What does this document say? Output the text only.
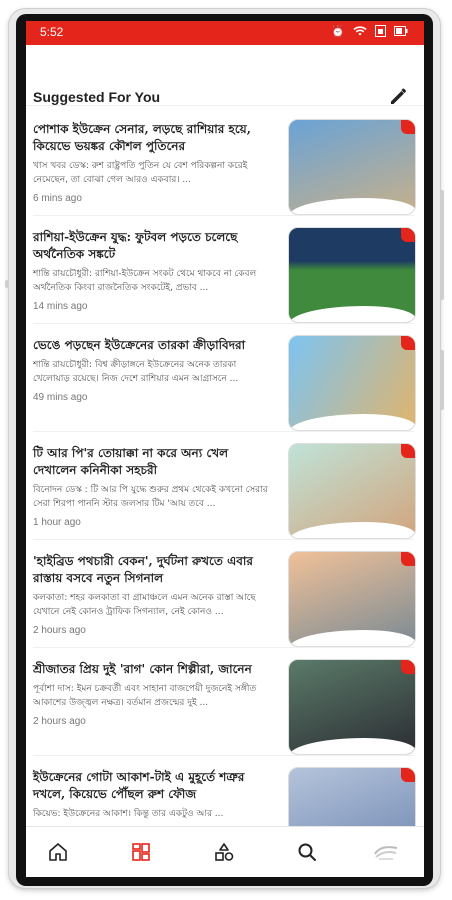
5:52	⏰
Suggested For You
পোশাক ইউক্রেন সেনার, লড়ছে রাশিয়ার হয়ে, কিয়েভে ভয়ঙ্কর কৌশল পুতিনের
খাস খবর ডেস্ক: রুশ রাষ্ট্রপতি পুতিন যে বেশ পরিকল্পনা করেই নেমেছেন, তা বোঝা গেল আরও একবার। ...
6 mins ago
রাশিয়া-ইউক্রেন যুদ্ধ: ফুটবল পড়তে চলেছে অর্থনৈতিক সঙ্কটে
শান্তি রায়চৌধুরী: রাশিয়া-ইউক্রেন সংকট থেমে থাকবে না কেবল অর্থনৈতিক কিংবা রাজনৈতিক সংকটেই, প্রভাব ...
14 mins ago
ভেঙে পড়ছেন ইউক্রেনের তারকা ক্রীড়াবিদরা
শান্তি রায়চৌধুরী: বিশ্ব ক্রীড়াঙ্গনে ইউক্রেনের অনেক তারকা খেলোয়াড় রয়েছে। নিজ দেশে রাশিয়ার এমন আগ্রাসনে ...
49 mins ago
টি আর পি'র তোয়াক্কা না করে অন্য খেল দেখালেন কনিনীকা সহচরী
বিনোদন ডেস্ক : টি আর পি যুদ্ধে শুরুর প্রথম থেকেই কখনো সেরার সেরা শিরপা পাননি স্টার জলসার টিম 'আয় তবে ...
1 hour ago
'হাইব্রিড পথচারী বেকন', দুর্ঘটনা রুখতে এবার রাস্তায় বসবে নতুন সিগনাল
কলকাতা: শহর কলকাতা বা গ্রামাঞ্চলে এমন অনেক রাস্তা আছে যেখানে নেই কোনও ট্রাফিক সিগন্যাল, নেই কোনও ...
2 hours ago
শ্রীজাতর প্রিয় দুই 'রাগ' কোন শিল্পীরা, জানেন
পূর্বাশা দাস: ইমন চক্রবর্তী এবং সাহানা বাজপেয়ী দুজনেই সঙ্গীত আকাশের উজ্জ্বল নক্ষত্র। বর্তমান প্রজন্মের দুই ...
2 hours ago
ইউক্রেনের গোটা আকাশ-টাই এ মুহূর্তে শত্রুর দখলে, কিয়েভে পৌঁছল রুশ ফৌজ
কিয়েভ: ইউক্রেনের আকাশ। কিন্তু তার একটুও আর ...
